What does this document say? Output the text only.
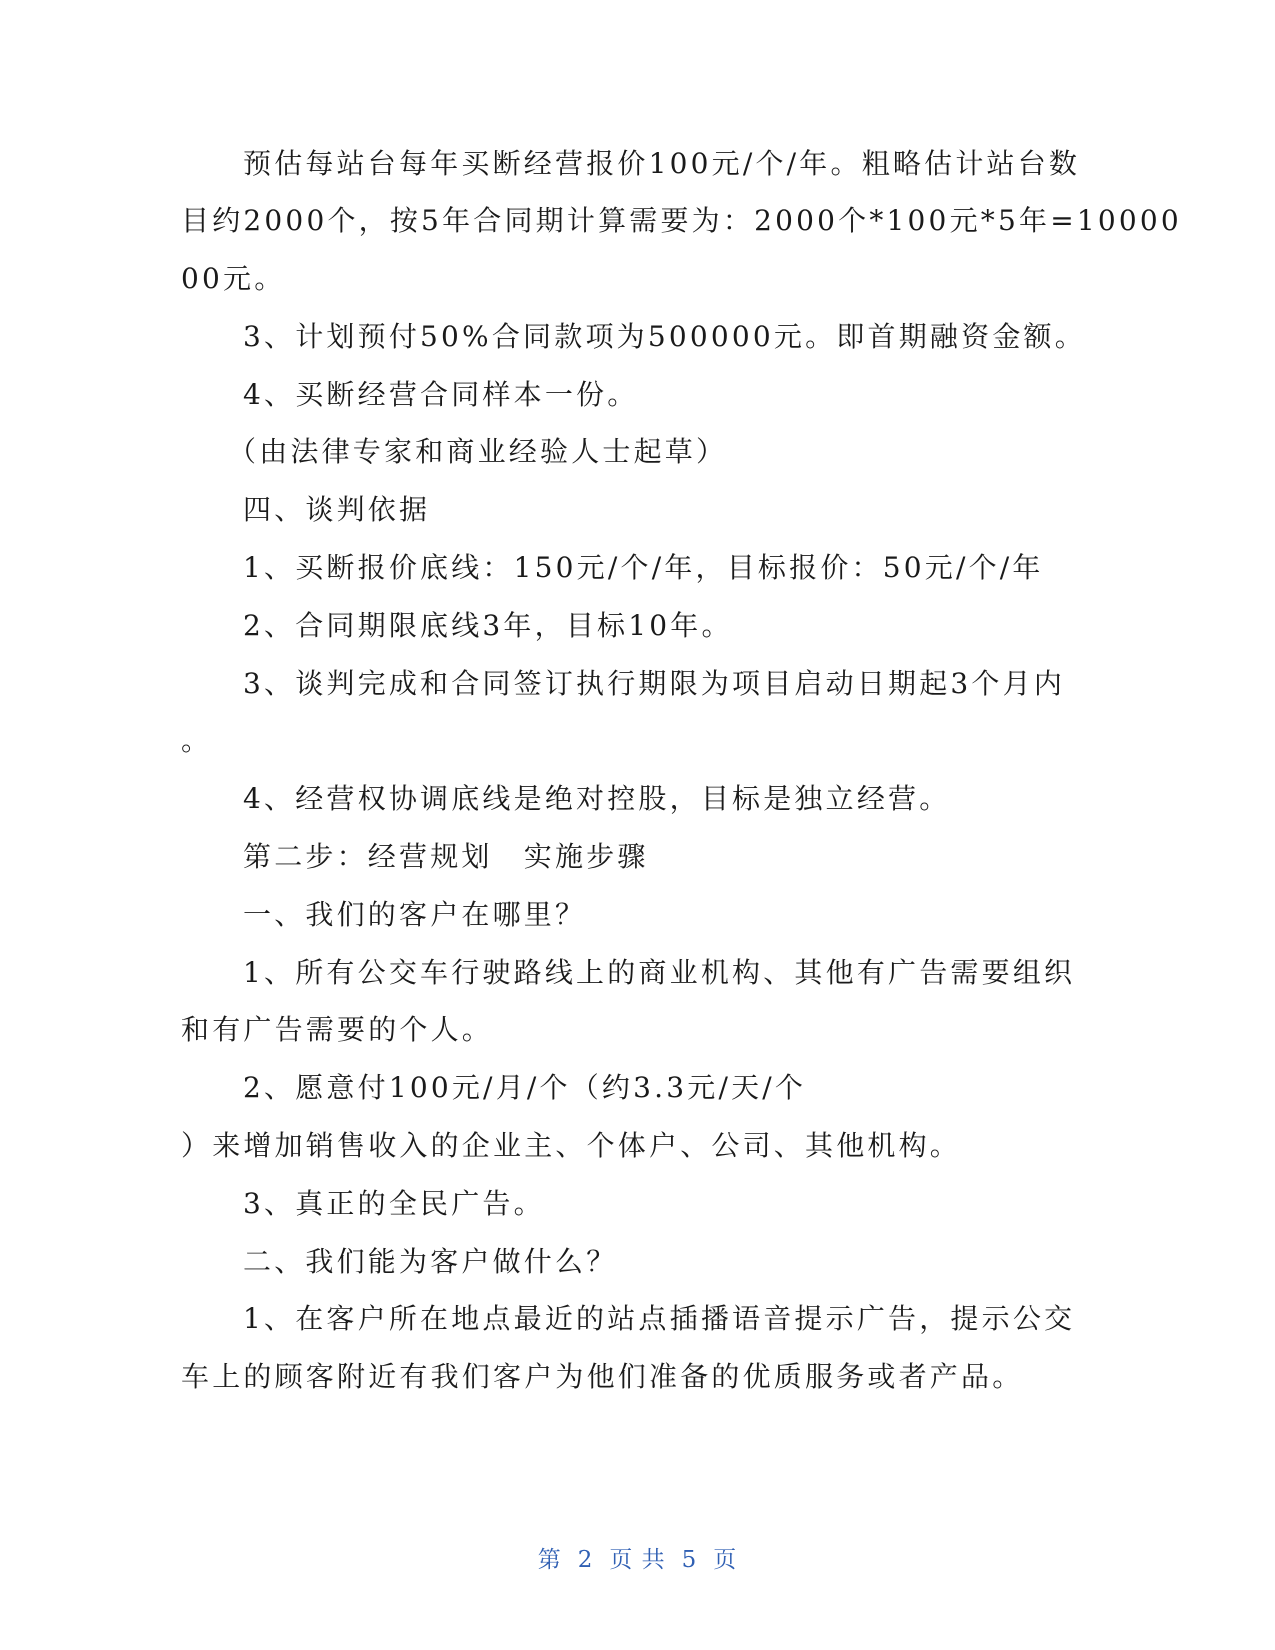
预估每站台每年买断经营报价100元/个/年。粗略估计站台数
目约2000个，按5年合同期计算需要为：2000个*100元*5年=10000
00元。
3、计划预付50%合同款项为500000元。即首期融资金额。
4、买断经营合同样本一份。
（由法律专家和商业经验人士起草）
四、谈判依据
1、买断报价底线：150元/个/年，目标报价：50元/个/年
2、合同期限底线3年，目标10年。
3、谈判完成和合同签订执行期限为项目启动日期起3个月内
。
4、经营权协调底线是绝对控股，目标是独立经营。
第二步：经营规划　实施步骤
一、我们的客户在哪里？
1、所有公交车行驶路线上的商业机构、其他有广告需要组织
和有广告需要的个人。
2、愿意付100元/月/个（约3.3元/天/个
）来增加销售收入的企业主、个体户、公司、其他机构。
3、真正的全民广告。
二、我们能为客户做什么？
1、在客户所在地点最近的站点插播语音提示广告，提示公交
车上的顾客附近有我们客户为他们准备的优质服务或者产品。
第 2 页 共 5 页
